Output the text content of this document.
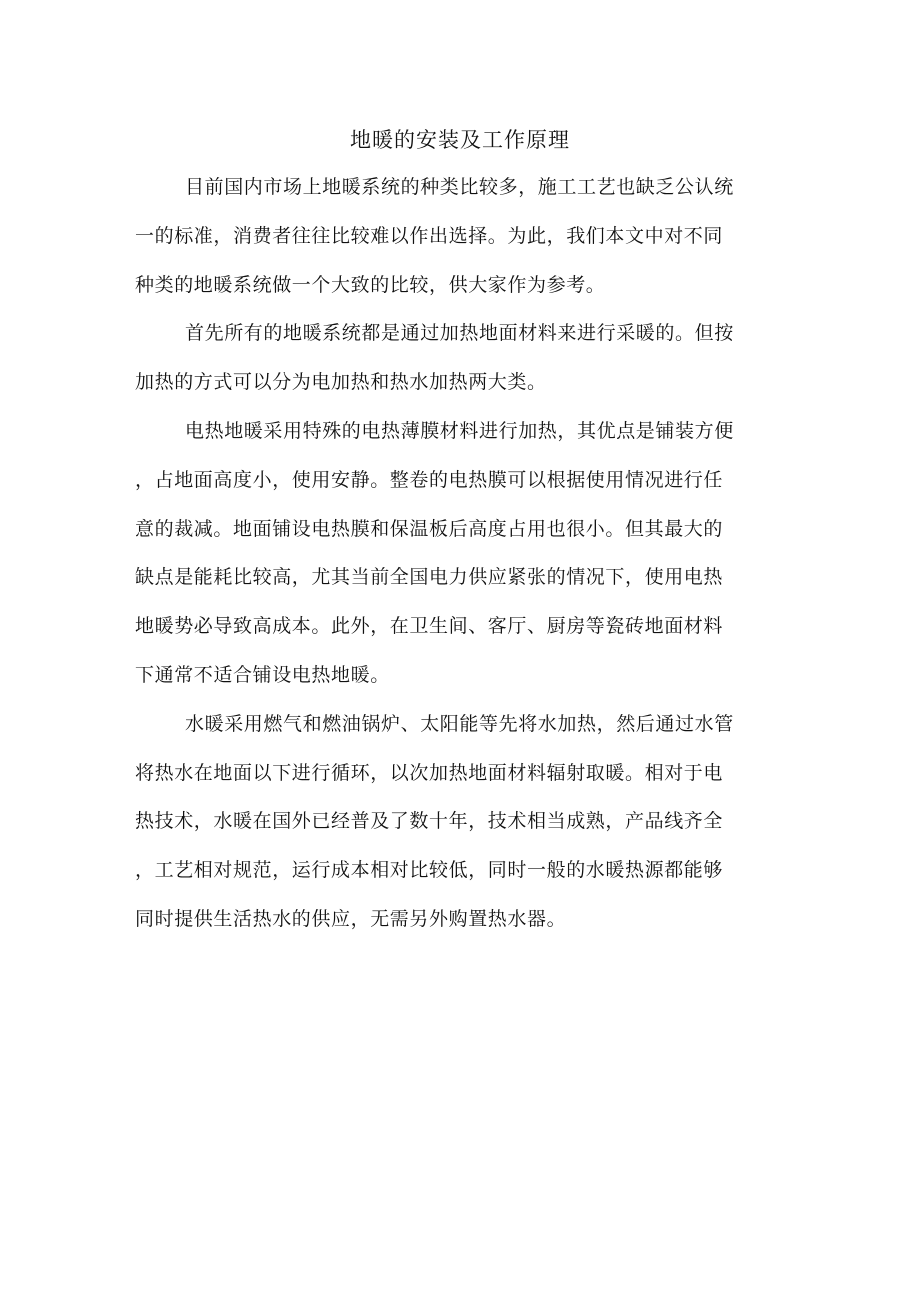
地暖的安装及工作原理
目前国内市场上地暖系统的种类比较多，施工工艺也缺乏公认统
一的标准，消费者往往比较难以作出选择。为此，我们本文中对不同
种类的地暖系统做一个大致的比较，供大家作为参考。
首先所有的地暖系统都是通过加热地面材料来进行采暖的。但按
加热的方式可以分为电加热和热水加热两大类。
电热地暖采用特殊的电热薄膜材料进行加热，其优点是铺装方便
，占地面高度小，使用安静。整卷的电热膜可以根据使用情况进行任
意的裁减。地面铺设电热膜和保温板后高度占用也很小。但其最大的
缺点是能耗比较高，尤其当前全国电力供应紧张的情况下，使用电热
地暖势必导致高成本。此外，在卫生间、客厅、厨房等瓷砖地面材料
下通常不适合铺设电热地暖。
水暖采用燃气和燃油锅炉、太阳能等先将水加热，然后通过水管
将热水在地面以下进行循环，以次加热地面材料辐射取暖。相对于电
热技术，水暖在国外已经普及了数十年，技术相当成熟，产品线齐全
，工艺相对规范，运行成本相对比较低，同时一般的水暖热源都能够
同时提供生活热水的供应，无需另外购置热水器。
